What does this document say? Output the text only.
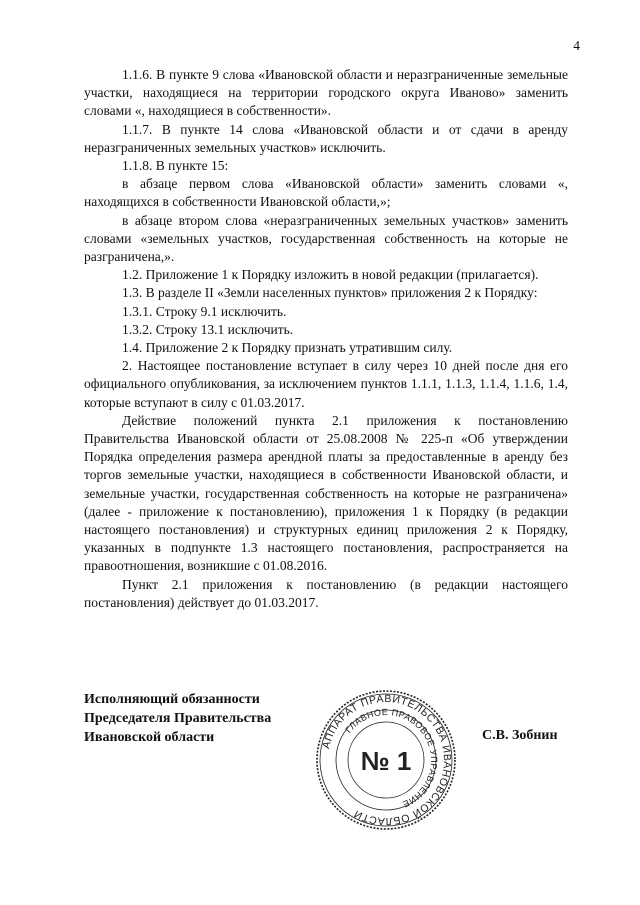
4

1.1.6. В пункте 9 слова «Ивановской области и неразграниченные земельные участки, находящиеся на территории городского округа Иваново» заменить словами «, находящиеся в собственности».

1.1.7. В пункте 14 слова «Ивановской области и от сдачи в аренду неразграниченных земельных участков» исключить.

1.1.8. В пункте 15:

в абзаце первом слова «Ивановской области» заменить словами «, находящихся в собственности Ивановской области,»;

в абзаце втором слова «неразграниченных земельных участков» заменить словами «земельных участков, государственная собственность на которые не разграничена,».

1.2. Приложение 1 к Порядку изложить в новой редакции (прилагается).

1.3. В разделе II «Земли населенных пунктов» приложения 2 к Порядку:

1.3.1. Строку 9.1 исключить.

1.3.2. Строку 13.1 исключить.

1.4. Приложение 2 к Порядку признать утратившим силу.

2. Настоящее постановление вступает в силу через 10 дней после дня его официального опубликования, за исключением пунктов 1.1.1, 1.1.3, 1.1.4, 1.1.6, 1.4, которые вступают в силу с 01.03.2017.

Действие положений пункта 2.1 приложения к постановлению Правительства Ивановской области от 25.08.2008 № 225-п «Об утверждении Порядка определения размера арендной платы за предоставленные в аренду без торгов земельные участки, находящиеся в собственности Ивановской области, и земельные участки, государственная собственность на которые не разграничена» (далее - приложение к постановлению), приложения 1 к Порядку (в редакции настоящего постановления) и структурных единиц приложения 2 к Порядку, указанных в подпункте 1.3 настоящего постановления, распространяется на правоотношения, возникшие с 01.08.2016.

Пункт 2.1 приложения к постановлению (в редакции настоящего постановления) действует до 01.03.2017.

Исполняющий обязанности
Председателя Правительства
Ивановской области	АППАРАТ ПРАВИТЕЛЬСТВА ИВАНОВСКОЙ ОБЛАСТИ
ГЛАВНОЕ ПРАВОВОЕ УПРАВЛЕНИЕ
№ 1
С.В. Зобнин
